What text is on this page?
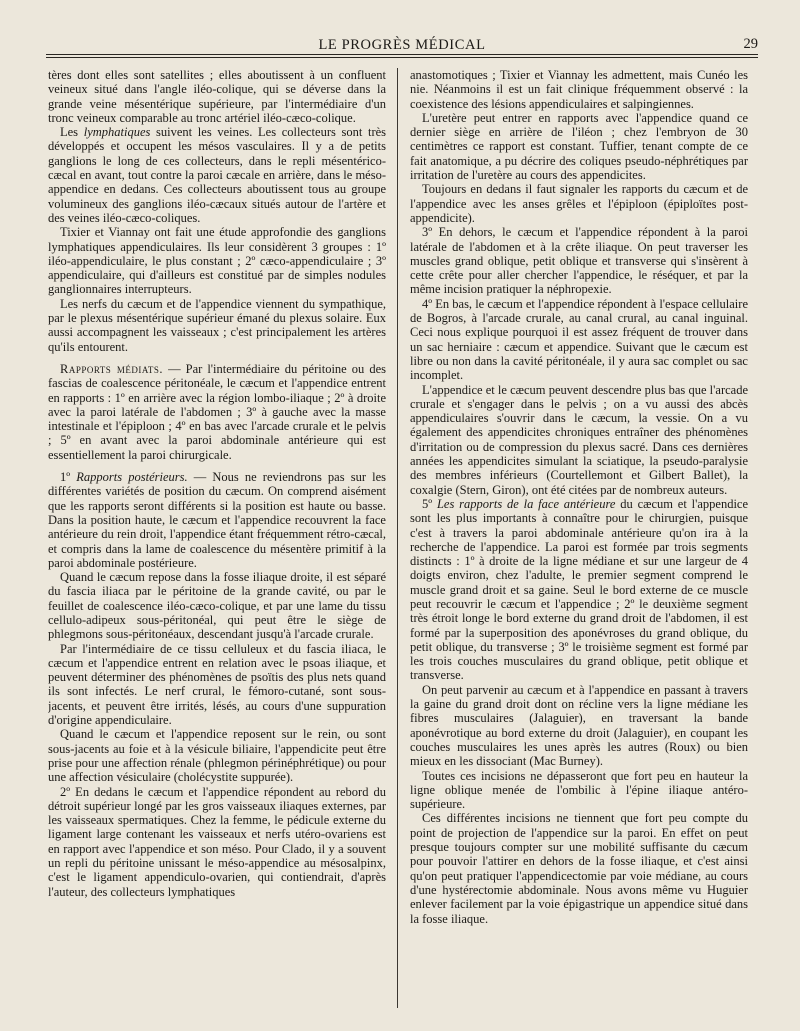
LE PROGRÈS MÉDICAL	29

tères dont elles sont satellites ; elles aboutissent à un confluent veineux situé dans l'angle iléo-colique, qui se déverse dans la grande veine mésentérique supérieure, par l'intermédiaire d'un tronc veineux comparable au tronc artériel iléo-cæco-colique.

Les lymphatiques suivent les veines. Les collecteurs sont très développés et occupent les mésos vasculaires. Il y a de petits ganglions le long de ces collecteurs, dans le repli mésentérico-cæcal en avant, tout contre la paroi cæcale en arrière, dans le méso-appendice en dedans. Ces collecteurs aboutissent tous au groupe volumineux des ganglions iléo-cæcaux situés autour de l'artère et des veines iléo-cæco-coliques.

Tixier et Viannay ont fait une étude approfondie des ganglions lymphatiques appendiculaires. Ils leur considèrent 3 groupes : 1º iléo-appendiculaire, le plus constant ; 2º cæco-appendiculaire ; 3º appendiculaire, qui d'ailleurs est constitué par de simples nodules ganglionnaires interrupteurs.

Les nerfs du cæcum et de l'appendice viennent du sympathique, par le plexus mésentérique supérieur émané du plexus solaire. Eux aussi accompagnent les vaisseaux ; c'est principalement les artères qu'ils entourent.

Rapports médiats. — Par l'intermédiaire du péritoine ou des fascias de coalescence péritonéale, le cæcum et l'appendice entrent en rapports : 1º en arrière avec la région lombo-iliaque ; 2º à droite avec la paroi latérale de l'abdomen ; 3º à gauche avec la masse intestinale et l'épiploon ; 4º en bas avec l'arcade crurale et le pelvis ; 5º en avant avec la paroi abdominale antérieure qui est essentiellement la paroi chirurgicale.

1º Rapports postérieurs. — Nous ne reviendrons pas sur les différentes variétés de position du cæcum. On comprend aisément que les rapports seront différents si la position est haute ou basse. Dans la position haute, le cæcum et l'appendice recouvrent la face antérieure du rein droit, l'appendice étant fréquemment rétro-cæcal, et compris dans la lame de coalescence du mésentère primitif à la paroi abdominale postérieure.

Quand le cæcum repose dans la fosse iliaque droite, il est séparé du fascia iliaca par le péritoine de la grande cavité, ou par le feuillet de coalescence iléo-cæco-colique, et par une lame du tissu cellulo-adipeux sous-péritonéal, qui peut être le siège de phlegmons sous-péritonéaux, descendant jusqu'à l'arcade crurale.

Par l'intermédiaire de ce tissu celluleux et du fascia iliaca, le cæcum et l'appendice entrent en relation avec le psoas iliaque, et peuvent déterminer des phénomènes de psoïtis des plus nets quand ils sont infectés. Le nerf crural, le fémoro-cutané, sont sous-jacents, et peuvent être irrités, lésés, au cours d'une suppuration d'origine appendiculaire.

Quand le cæcum et l'appendice reposent sur le rein, ou sont sous-jacents au foie et à la vésicule biliaire, l'appendicite peut être prise pour une affection rénale (phlegmon périnéphrétique) ou pour une affection vésiculaire (cholécystite suppurée).

2º En dedans le cæcum et l'appendice répondent au rebord du détroit supérieur longé par les gros vaisseaux iliaques externes, par les vaisseaux spermatiques. Chez la femme, le pédicule externe du ligament large contenant les vaisseaux et nerfs utéro-ovariens est en rapport avec l'appendice et son méso. Pour Clado, il y a souvent un repli du péritoine unissant le méso-appendice au mésosalpinx, c'est le ligament appendiculo-ovarien, qui contiendrait, d'après l'auteur, des collecteurs lymphatiques

anastomotiques ; Tixier et Viannay les admettent, mais Cunéo les nie. Néanmoins il est un fait clinique fréquemment observé : la coexistence des lésions appendiculaires et salpingiennes.

L'uretère peut entrer en rapports avec l'appendice quand ce dernier siège en arrière de l'iléon ; chez l'embryon de 30 centimètres ce rapport est constant. Tuffier, tenant compte de ce fait anatomique, a pu décrire des coliques pseudo-néphrétiques par irritation de l'uretère au cours des appendicites.

Toujours en dedans il faut signaler les rapports du cæcum et de l'appendice avec les anses grêles et l'épiploon (épiploïtes post-appendicite).

3º En dehors, le cæcum et l'appendice répondent à la paroi latérale de l'abdomen et à la crête iliaque. On peut traverser les muscles grand oblique, petit oblique et transverse qui s'insèrent à cette crête pour aller chercher l'appendice, le réséquer, et par la même incision pratiquer la néphropexie.

4º En bas, le cæcum et l'appendice répondent à l'espace cellulaire de Bogros, à l'arcade crurale, au canal crural, au canal inguinal. Ceci nous explique pourquoi il est assez fréquent de trouver dans un sac herniaire : cæcum et appendice. Suivant que le cæcum est libre ou non dans la cavité péritonéale, il y aura sac complet ou sac incomplet.

L'appendice et le cæcum peuvent descendre plus bas que l'arcade crurale et s'engager dans le pelvis ; on a vu aussi des abcès appendiculaires s'ouvrir dans le cæcum, la vessie. On a vu également des appendicites chroniques entraîner des phénomènes d'irritation ou de compression du plexus sacré. Dans ces dernières années les appendicites simulant la sciatique, la pseudo-paralysie des membres inférieurs (Courtellemont et Gilbert Ballet), la coxalgie (Stern, Giron), ont été citées par de nombreux auteurs.

5º Les rapports de la face antérieure du cæcum et l'appendice sont les plus importants à connaître pour le chirurgien, puisque c'est à travers la paroi abdominale antérieure qu'on ira à la recherche de l'appendice. La paroi est formée par trois segments distincts : 1º à droite de la ligne médiane et sur une largeur de 4 doigts environ, chez l'adulte, le premier segment comprend le muscle grand droit et sa gaine. Seul le bord externe de ce muscle peut recouvrir le cæcum et l'appendice ; 2º le deuxième segment très étroit longe le bord externe du grand droit de l'abdomen, il est formé par la superposition des aponévroses du grand oblique, du petit oblique, du transverse ; 3º le troisième segment est formé par les trois couches musculaires du grand oblique, petit oblique et transverse.

On peut parvenir au cæcum et à l'appendice en passant à travers la gaine du grand droit dont on récline vers la ligne médiane les fibres musculaires (Jalaguier), en traversant la bande aponévrotique au bord externe du droit (Jalaguier), en coupant les couches musculaires les unes après les autres (Roux) ou bien mieux en les dissociant (Mac Burney).

Toutes ces incisions ne dépasseront que fort peu en hauteur la ligne oblique menée de l'ombilic à l'épine iliaque antéro-supérieure.

Ces différentes incisions ne tiennent que fort peu compte du point de projection de l'appendice sur la paroi. En effet on peut presque toujours compter sur une mobilité suffisante du cæcum pour pouvoir l'attirer en dehors de la fosse iliaque, et c'est ainsi qu'on peut pratiquer l'appendicectomie par voie médiane, au cours d'une hystérectomie abdominale. Nous avons même vu Huguier enlever facilement par la voie épigastrique un appendice situé dans la fosse iliaque.
